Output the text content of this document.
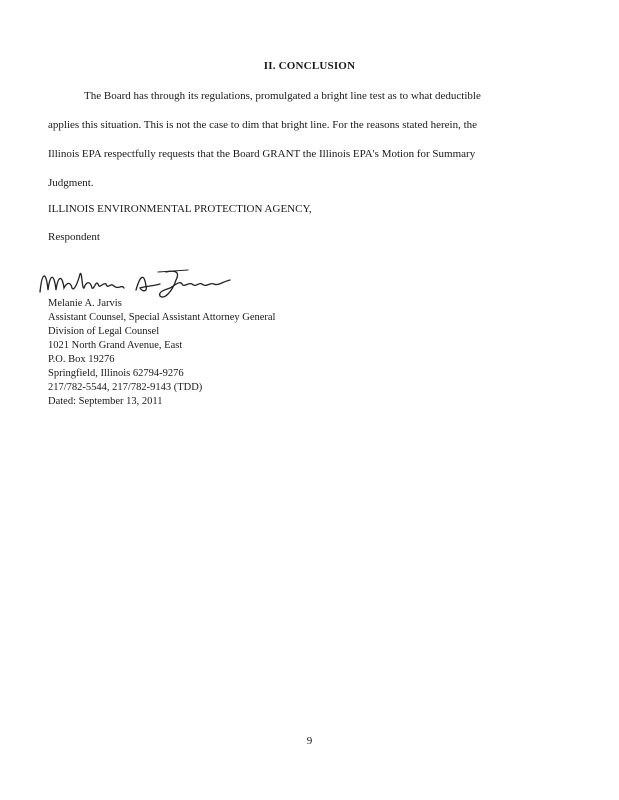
II. CONCLUSION
The Board has through its regulations, promulgated a bright line test as to what deductible
applies this situation. This is not the case to dim that bright line. For the reasons stated herein, the
Illinois EPA respectfully requests that the Board GRANT the Illinois EPA's Motion for Summary
Judgment.
ILLINOIS ENVIRONMENTAL PROTECTION AGENCY,
Respondent
Melanie A. Jarvis
Assistant Counsel, Special Assistant Attorney General
Division of Legal Counsel
1021 North Grand Avenue, East
P.O. Box 19276
Springfield, Illinois 62794-9276
217/782-5544, 217/782-9143 (TDD)
Dated: September 13, 2011
9
